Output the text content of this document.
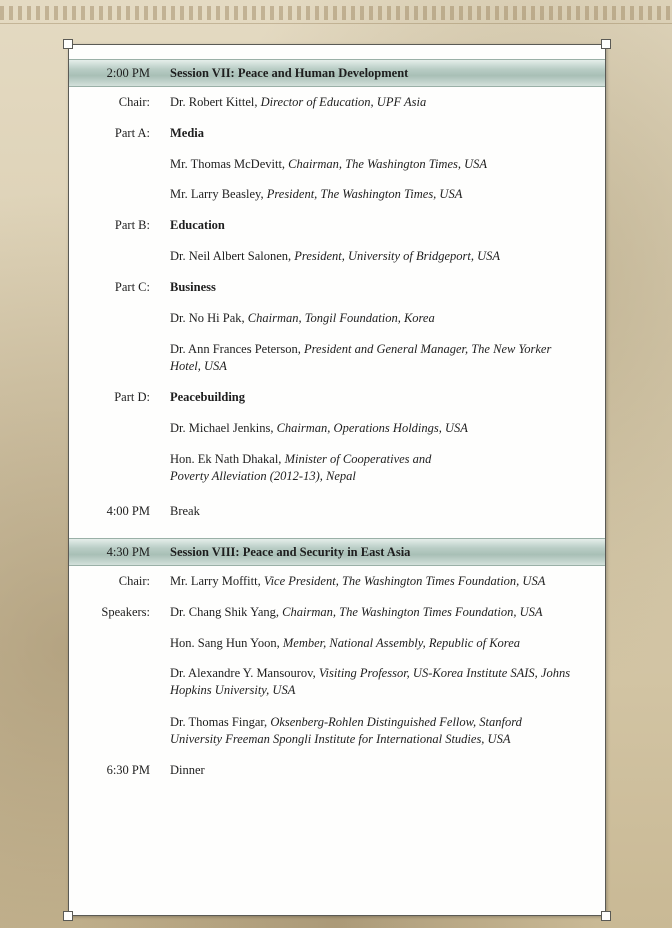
2:00 PM Session VII: Peace and Human Development
Chair: Dr. Robert Kittel, Director of Education, UPF Asia
Part A: Media
Mr. Thomas McDevitt, Chairman, The Washington Times, USA
Mr. Larry Beasley, President, The Washington Times, USA
Part B: Education
Dr. Neil Albert Salonen, President, University of Bridgeport, USA
Part C: Business
Dr. No Hi Pak, Chairman, Tongil Foundation, Korea
Dr. Ann Frances Peterson, President and General Manager, The New Yorker Hotel, USA
Part D: Peacebuilding
Dr. Michael Jenkins, Chairman, Operations Holdings, USA
Hon. Ek Nath Dhakal, Minister of Cooperatives and
Poverty Alleviation (2012-13), Nepal
4:00 PM Break
4:30 PM Session VIII: Peace and Security in East Asia
Chair: Mr. Larry Moffitt, Vice President, The Washington Times Foundation, USA
Speakers: Dr. Chang Shik Yang, Chairman, The Washington Times Foundation, USA
Hon. Sang Hun Yoon, Member, National Assembly, Republic of Korea
Dr. Alexandre Y. Mansourov, Visiting Professor, US-Korea Institute SAIS, Johns Hopkins University, USA
Dr. Thomas Fingar, Oksenberg-Rohlen Distinguished Fellow, Stanford University Freeman Spongli Institute for International Studies, USA
6:30 PM Dinner
